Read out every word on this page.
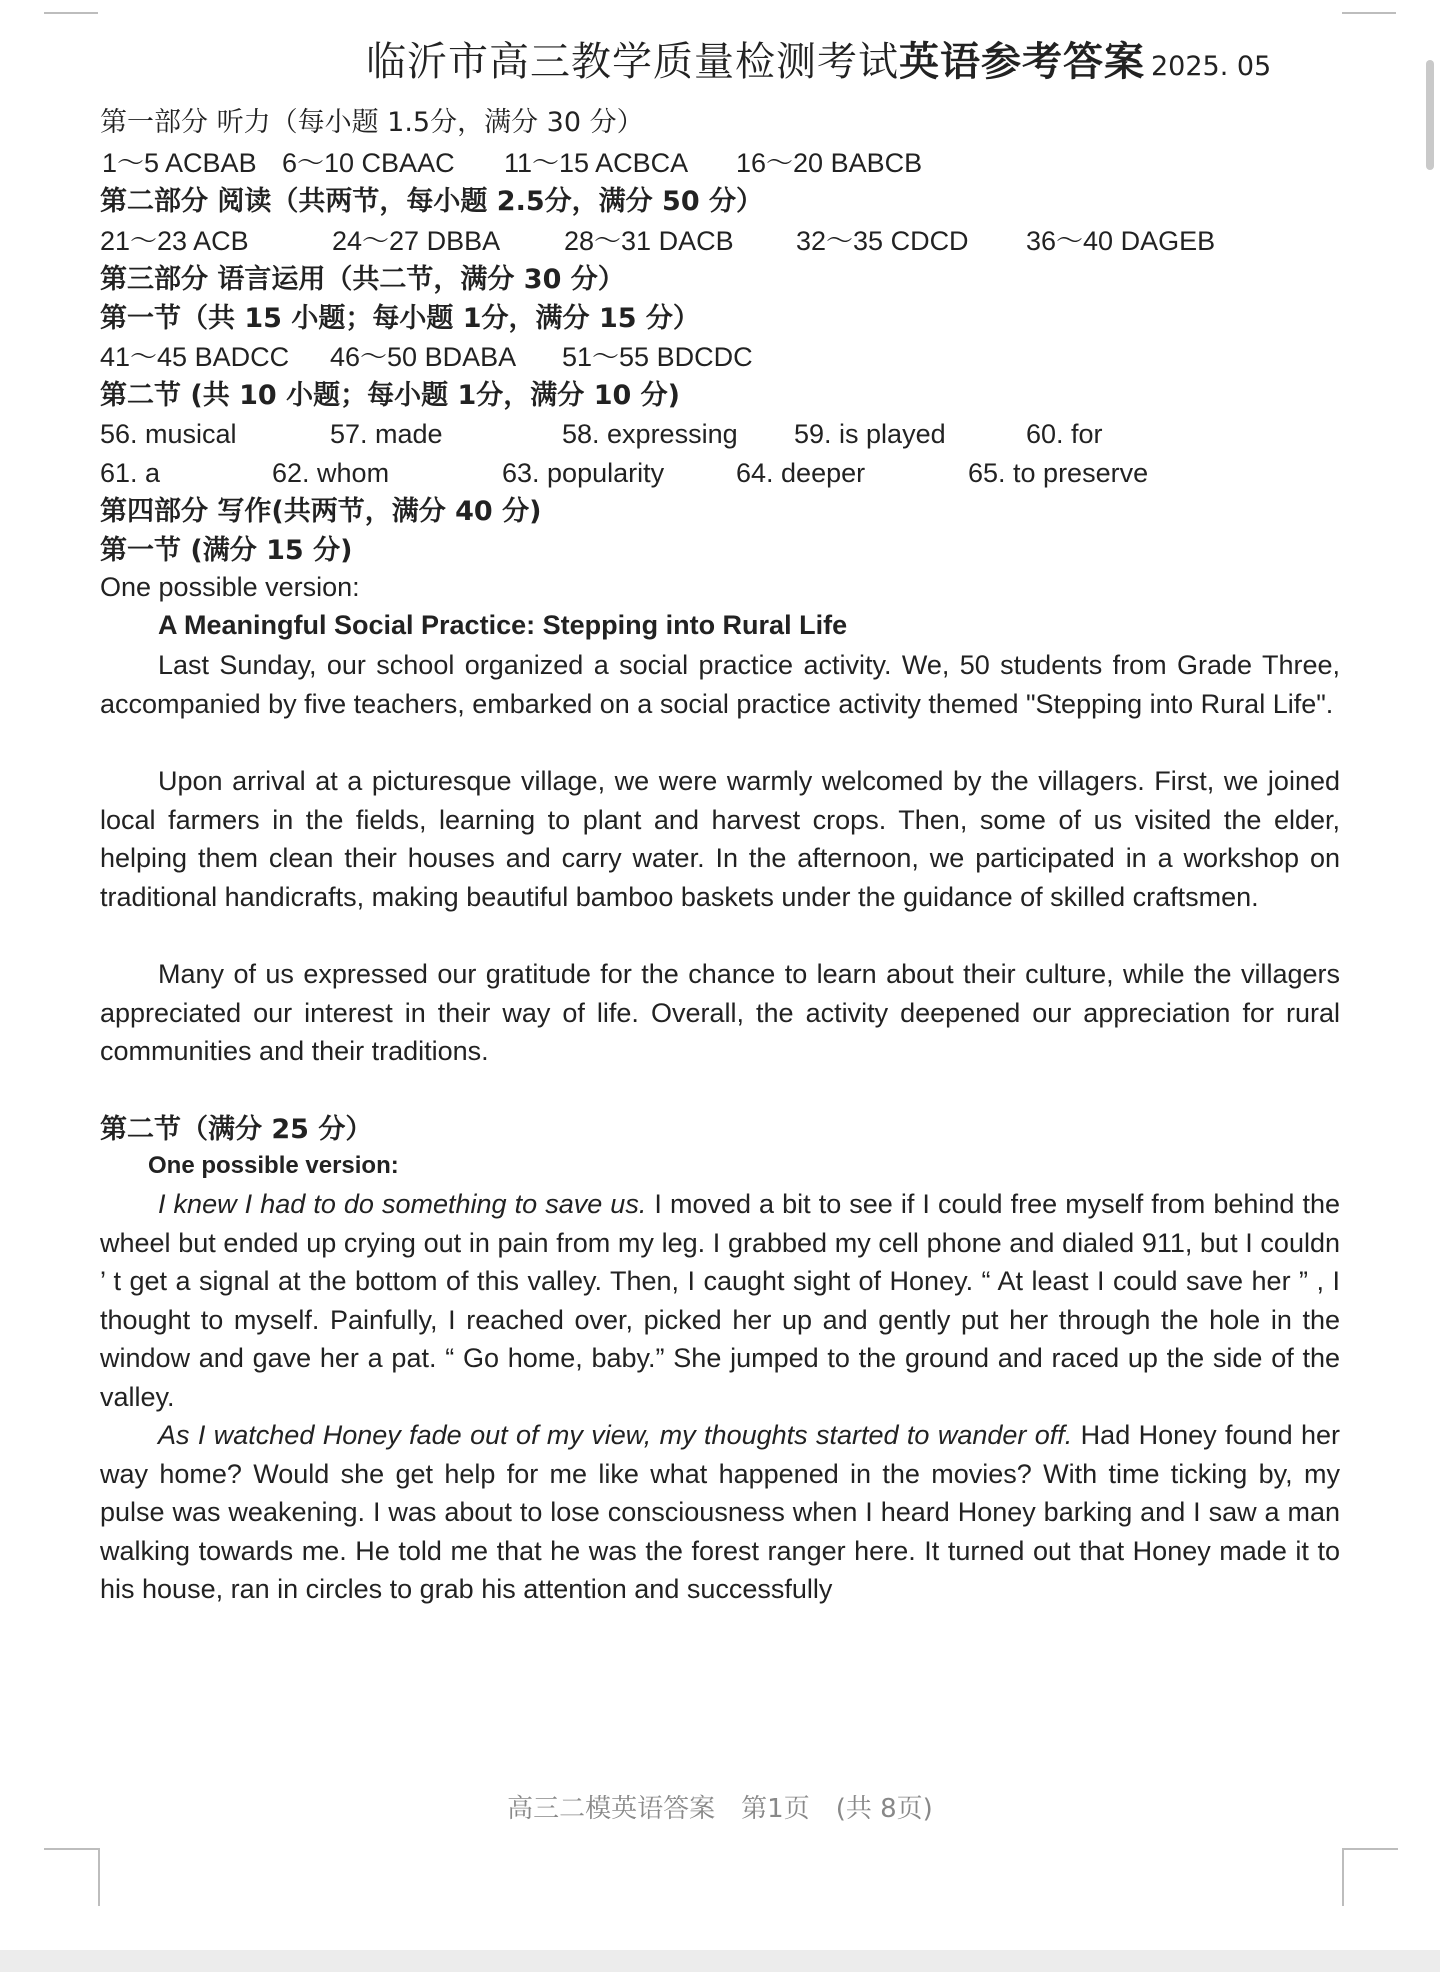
临沂市高三教学质量检测考试英语参考答案 2025. 05
第一部分 听力（每小题 1.5分，满分 30 分）
1～5 ACBAB 6～10 CBAAC 11～15 ACBCA 16～20 BABCB
第二部分 阅读（共两节，每小题 2.5分，满分 50 分）
21～23 ACB	24～27 DBBA 28～31 DACB 32～35 CDCD 36～40 DAGEB
第三部分 语言运用（共二节，满分 30 分）
第一节（共 15 小题；每小题 1分，满分 15 分）
41～45 BADCC 46～50 BDABA 51～55 BDCDC
第二节 (共 10 小题；每小题 1分，满分 10 分)
56. musical	57. made	58. expressing 59. is played	60. for
61. a	62. whom	63. popularity	64. deeper	65. to preserve
第四部分 写作(共两节，满分 40 分)
第一节 (满分 15 分)
One possible version:
A Meaningful Social Practice: Stepping into Rural Life

Last Sunday, our school organized a social practice activity. We, 50 students from Grade Three, accompanied by five teachers, embarked on a social practice activity themed "Stepping into Rural Life".

Upon arrival at a picturesque village, we were warmly welcomed by the villagers. First, we joined local farmers in the fields, learning to plant and harvest crops. Then, some of us visited the elder, helping them clean their houses and carry water. In the afternoon, we participated in a workshop on traditional handicrafts, making beautiful bamboo baskets under the guidance of skilled craftsmen.

Many of us expressed our gratitude for the chance to learn about their culture, while the villagers appreciated our interest in their way of life. Overall, the activity deepened our appreciation for rural communities and their traditions.

第二节（满分 25 分）
One possible version:

I knew I had to do something to save us. I moved a bit to see if I could free myself from behind the wheel but ended up crying out in pain from my leg. I grabbed my cell phone and dialed 911, but I couldn ’ t get a signal at the bottom of this valley. Then, I caught sight of Honey. “ At least I could save her ” , I thought to myself. Painfully, I reached over, picked her up and gently put her through the hole in the window and gave her a pat. “ Go home, baby.” She jumped to the ground and raced up the side of the valley.

As I watched Honey fade out of my view, my thoughts started to wander off. Had Honey found her way home? Would she get help for me like what happened in the movies? With time ticking by, my pulse was weakening. I was about to lose consciousness when I heard Honey barking and I saw a man walking towards me. He told me that he was the forest ranger here. It turned out that Honey made it to his house, ran in circles to grab his attention and successfully

高三二模英语答案　第1页　(共 8页)
